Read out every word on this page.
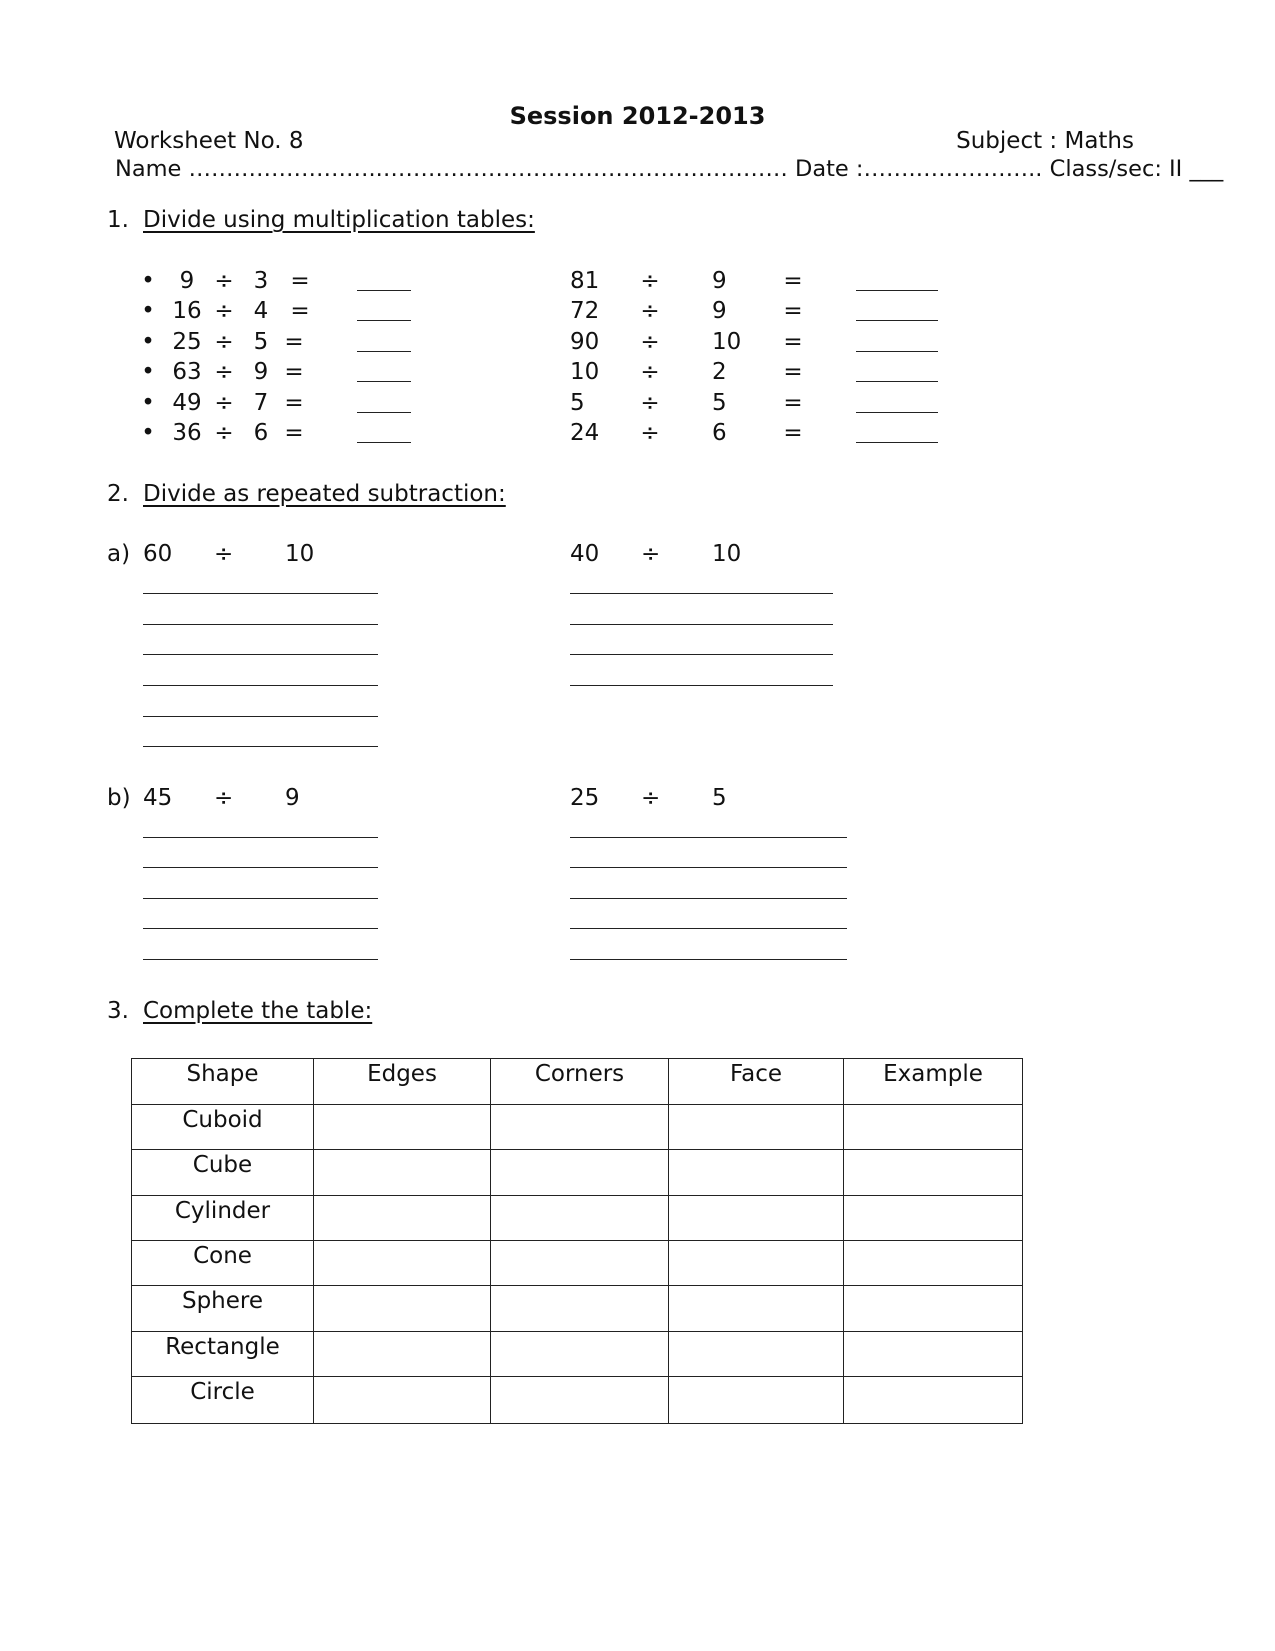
Session 2012-2013
Worksheet No. 8	Subject : Maths
Name ……………………..……………………………………………… Date :…….…………….. Class/sec: II ___
1. Divide using multiplication tables:
•	9 ÷ 3 =
• 16 ÷ 4 =
• 25 ÷ 5 =
• 63 ÷ 9 =
• 49 ÷ 7 =
• 36 ÷ 6 =
81 ÷ 9 =
72 ÷ 9 =
90 ÷ 10 =
10 ÷ 2 =
5 ÷ 5 =
24 ÷ 6 =
2. Divide as repeated subtraction:
a) 60 ÷ 10	40 ÷ 10
b) 45 ÷ 9	25 ÷ 5
3. Complete the table:
Shape	Edges	Corners	Face	Example
Cuboid				
Cube				
Cylinder				
Cone				
Sphere				
Rectangle				
Circle				
